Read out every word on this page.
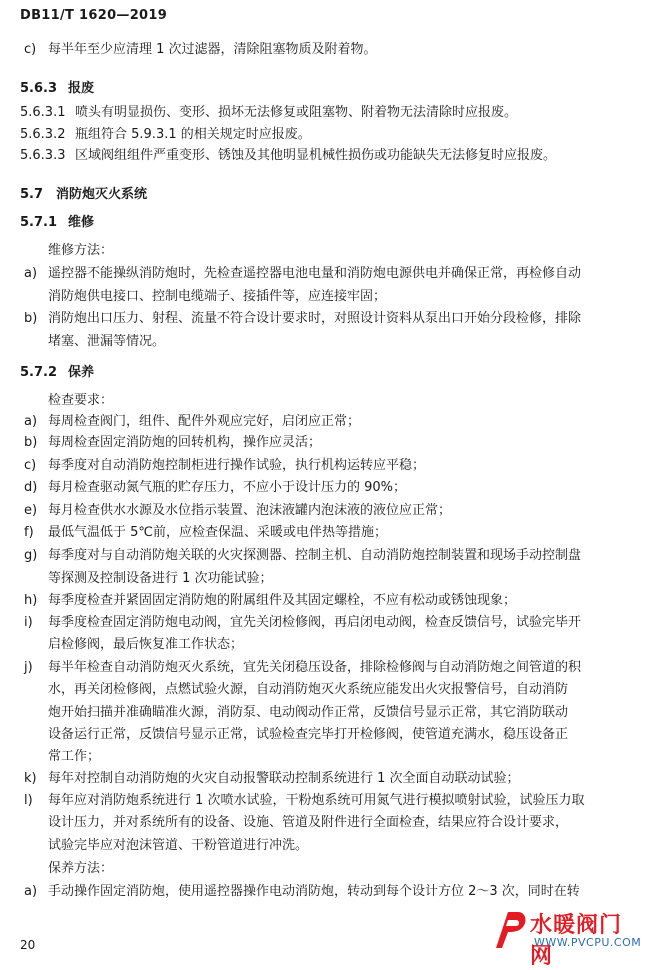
DB11/T 1620—2019
c) 每半年至少应清理 1 次过滤器，清除阻塞物质及附着物。
5.6.3 报废
5.6.3.1 喷头有明显损伤、变形、损坏无法修复或阻塞物、附着物无法清除时应报废。
5.6.3.2 瓶组符合 5.9.3.1 的相关规定时应报废。
5.6.3.3 区域阀组组件严重变形、锈蚀及其他明显机械性损伤或功能缺失无法修复时应报废。
5.7 消防炮灭火系统
5.7.1 维修
维修方法：
a) 遥控器不能操纵消防炮时，先检查遥控器电池电量和消防炮电源供电并确保正常，再检修自动
消防炮供电接口、控制电缆端子、接插件等，应连接牢固；
b) 消防炮出口压力、射程、流量不符合设计要求时，对照设计资料从泵出口开始分段检修，排除
堵塞、泄漏等情况。
5.7.2 保养
检查要求：
a) 每周检查阀门，组件、配件外观应完好，启闭应正常；
b) 每周检查固定消防炮的回转机构，操作应灵活；
c) 每季度对自动消防炮控制柜进行操作试验，执行机构运转应平稳；
d) 每月检查驱动氮气瓶的贮存压力，不应小于设计压力的 90%；
e) 每月检查供水水源及水位指示装置、泡沫液罐内泡沫液的液位应正常；
f) 最低气温低于 5℃前，应检查保温、采暖或电伴热等措施；
g) 每季度对与自动消防炮关联的火灾探测器、控制主机、自动消防炮控制装置和现场手动控制盘
等探测及控制设备进行 1 次功能试验；
h) 每季度检查并紧固固定消防炮的附属组件及其固定螺栓，不应有松动或锈蚀现象；
i) 每季度检查固定消防炮电动阀，宜先关闭检修阀，再启闭电动阀，检查反馈信号，试验完毕开
启检修阀，最后恢复准工作状态；
j) 每半年检查自动消防炮灭火系统，宜先关闭稳压设备，排除检修阀与自动消防炮之间管道的积
水，再关闭检修阀，点燃试验火源，自动消防炮灭火系统应能发出火灾报警信号，自动消防
炮开始扫描并准确瞄准火源，消防泵、电动阀动作正常，反馈信号显示正常，其它消防联动
设备运行正常，反馈信号显示正常，试验检查完毕打开检修阀，使管道充满水，稳压设备正
常工作；
k) 每年对控制自动消防炮的火灾自动报警联动控制系统进行 1 次全面自动联动试验；
l) 每年应对消防炮系统进行 1 次喷水试验，干粉炮系统可用氮气进行模拟喷射试验，试验压力取
设计压力，并对系统所有的设备、设施、管道及附件进行全面检查，结果应符合设计要求，
试验完毕应对泡沫管道、干粉管道进行冲洗。
保养方法：
a) 手动操作固定消防炮，使用遥控器操作电动消防炮，转动到每个设计方位 2～3 次，同时在转
20
水暖阀门网
WWW.PVCPU.COM
